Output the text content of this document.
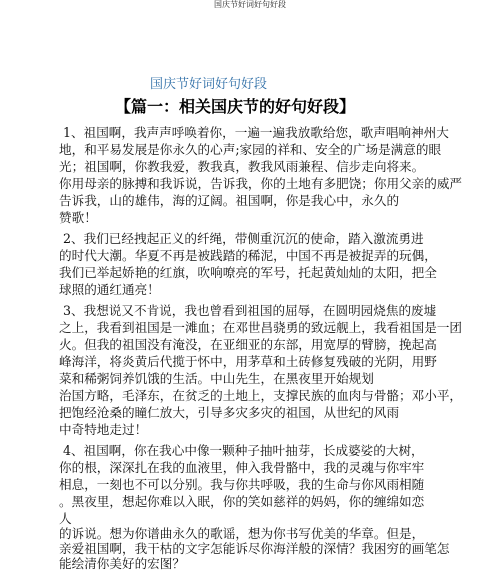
国庆节好词好句好段
国庆节好词好句好段
【篇一：相关国庆节的好句好段】
1、祖国啊，我声声呼唤着你，一遍一遍我放歌给您，歌声唱响神州大
地，和平易发展是你永久的心声;家园的祥和、安全的广场是满意的眼
光；祖国啊，你教我爱，教我真，教我风雨兼程、信步走向将来。
你用母亲的脉搏和我诉说，告诉我，你的土地有多肥饶；你用父亲的威严
告诉我，山的雄伟，海的辽阔。祖国啊，你是我心中，永久的
赞歌！
2、我们已经拽起正义的纤绳，带侧重沉沉的使命，踏入激流勇进
的时代大潮。华夏不再是被践踏的稀泥，中国不再是被捉弄的玩偶，
我们已举起娇艳的红旗，吹响嘹亮的军号，托起黄灿灿的太阳，把全
球照的通红通亮！
3、我想说又不肯说，我也曾看到祖国的屈辱，在圆明园烧焦的废墟
之上，我看到祖国是一滩血；在邓世昌骁勇的致远舰上，我看祖国是一团
火。但我的祖国没有淹没，在亚细亚的东部，用宽厚的臂膀，挽起高
峰海洋，将炎黄后代揽于怀中，用茅草和土砖修复残破的光阴，用野
菜和稀粥饲养饥饿的生活。中山先生，在黑夜里开始规划
治国方略，毛泽东，在贫乏的土地上，支撑民族的血肉与骨骼；邓小平，
把饱经沧桑的瞳仁放大，引导多灾多灾的祖国，从世纪的风雨
中奇特地走过！
4、祖国啊，你在我心中像一颗种子抽叶抽芽，长成婆娑的大树，
你的根，深深扎在我的血液里，伸入我骨骼中，我的灵魂与你牢牢
相息，一刻也不可以分别。我与你共呼吸，我的生命与你风雨相随
。黑夜里，想起你难以入眠，你的笑如慈祥的妈妈，你的缠绵如恋
人
的诉说。想为你谱曲永久的歌谣，想为你书写优美的华章。但是，
亲爱祖国啊，我干枯的文字怎能诉尽你海洋般的深情？我困穷的画笔怎
能绘清你美好的宏图？
